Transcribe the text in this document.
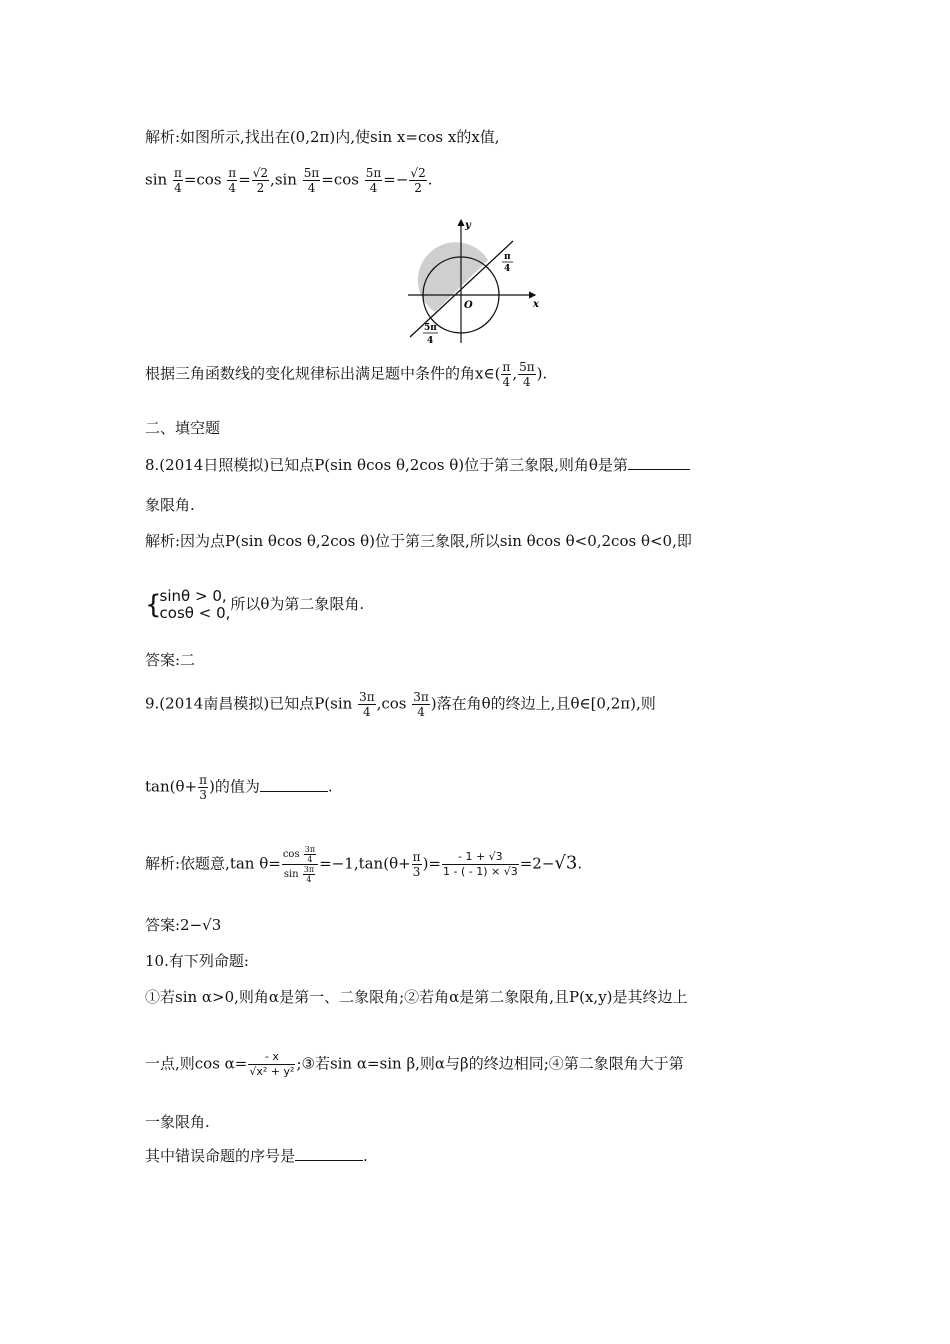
解析:如图所示,找出在(0,2π)内,使sin x=cos x的x值,
$\sin \frac{\pi}{4} =\cos \frac{\pi}{4} = \frac{√2}{2} ,\sin \frac{5\pi}{4} =\cos \frac{5\pi}{4} =- \frac{√2}{2}$ .
y
x
O
π
4
5π
4
根据三角函数线的变化规律标出满足题中条件的角x∈( $\frac{\pi}{4}$ , $\frac{5\pi}{4}$ ).
二、填空题
8.(2014日照模拟)已知点P(sin θcos θ,2cos θ)位于第三象限,则角θ是第
象限角.
解析:因为点P(sin θcos θ,2cos θ)位于第三象限,所以sin θcos θ<0,2cos θ<0,即
{
sinθ > 0,
cosθ < 0, 所以θ为第二象限角.
答案:二
9.(2014南昌模拟)已知点$P(\sin \frac{3\pi}{4} ,\cos \frac{3\pi}{4}$ )落在角θ的终边上,且θ∈[0,2π),则
$\tan(\theta+ \frac{\pi}{3}$ )的值为	.
解析:依题意,tan $\theta= \frac{\cos \frac{3\pi}{4}}{\sin \frac{3\pi}{4}} =-1,\tan(\theta+ \frac{\pi}{3}$ )= $\frac{- 1 + √3}{1 - ( - 1) \times √3} =2-√3$.
答案:2−√3
10.有下列命题:
①若sin α>0,则角α是第一、二象限角;②若角α是第二象限角,且P(x,y)是其终边上
一点,则$\cos \alpha= \frac{- x}{\text{√x² + y²}}$ ;③若sin α=sin β,则α与β的终边相同;④第二象限角大于第
一象限角.
其中错误命题的序号是	.
